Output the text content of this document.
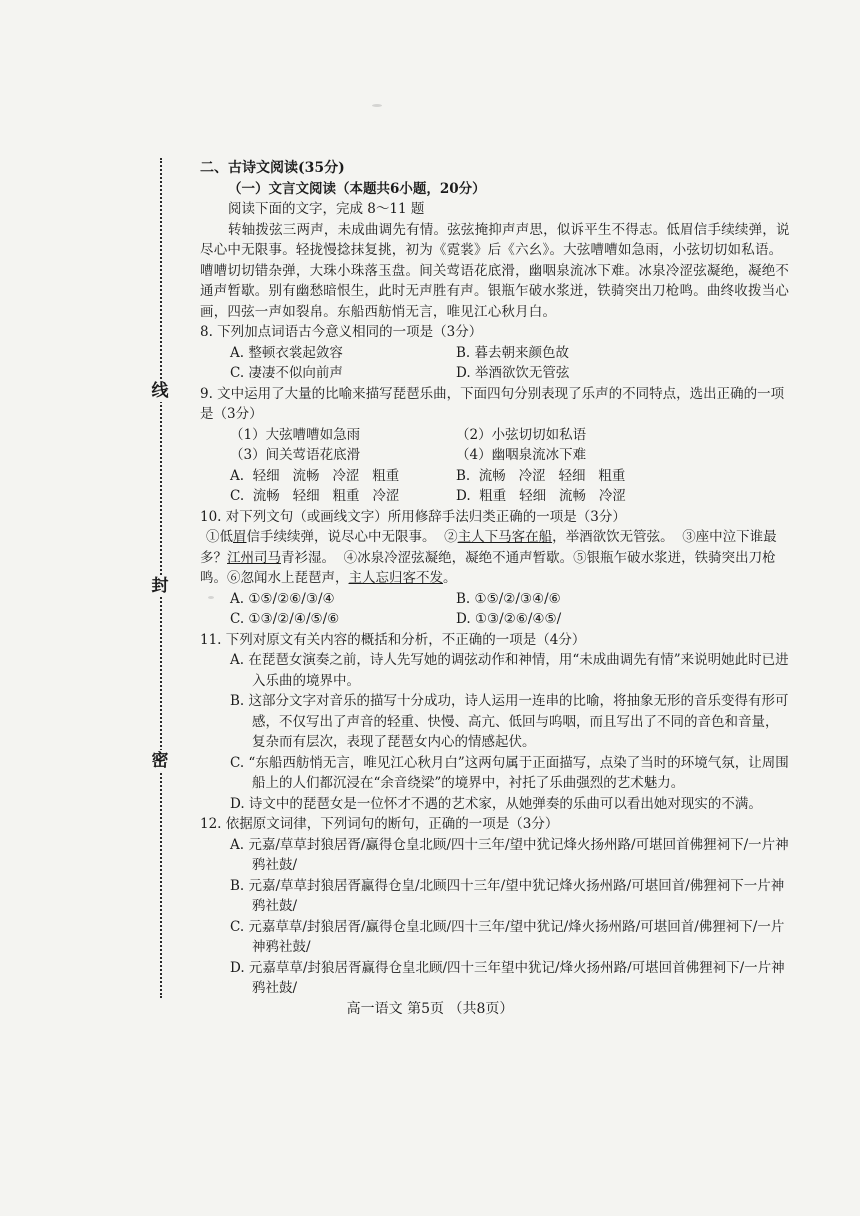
线
封
密

二、古诗文阅读(35分)

（一）文言文阅读（本题共6小题，20分）

阅读下面的文字，完成 8～11 题

转轴拨弦三两声，未成曲调先有情。弦弦掩抑声声思，似诉平生不得志。低眉信手续续弹，说尽心中无限事。轻拢慢捻抹复挑，初为《霓裳》后《六幺》。大弦嘈嘈如急雨，小弦切切如私语。嘈嘈切切错杂弹，大珠小珠落玉盘。间关莺语花底滑，幽咽泉流冰下难。冰泉冷涩弦凝绝，凝绝不通声暂歇。别有幽愁暗恨生，此时无声胜有声。银瓶乍破水浆迸，铁骑突出刀枪鸣。曲终收拨当心画，四弦一声如裂帛。东船西舫悄无言，唯见江心秋月白。

8. 下列加点词语古今意义相同的一项是（3分）

A. 整顿衣裳起敛容	B. 暮去朝来颜色故
C. 凄凄不似向前声	D. 举酒欲饮无管弦

9. 文中运用了大量的比喻来描写琵琶乐曲，下面四句分别表现了乐声的不同特点，选出正确的一项是（3分）

（1）大弦嘈嘈如急雨	（2）小弦切切如私语
（3）间关莺语花底滑	（4）幽咽泉流冰下难
A.  轻细   流畅   冷涩   粗重	B.  流畅   冷涩   轻细   粗重
C.  流畅   轻细   粗重   冷涩	D.  粗重   轻细   流畅   冷涩

10. 对下列文句（或画线文字）所用修辞手法归类正确的一项是（3分）

①低眉信手续续弹，说尽心中无限事。 ②主人下马客在船，举酒欲饮无管弦。 ③座中泣下谁最多？江州司马青衫湿。 ④冰泉冷涩弦凝绝，凝绝不通声暂歇。⑤银瓶乍破水浆迸，铁骑突出刀枪鸣。⑥忽闻水上琵琶声，主人忘归客不发。

A. ①⑤/②⑥/③/④	B. ①⑤/②/③④/⑥
C. ①③/②/④/⑤/⑥	D. ①③/②⑥/④⑤/

11. 下列对原文有关内容的概括和分析，不正确的一项是（4分）

A. 在琵琶女演奏之前，诗人先写她的调弦动作和神情，用“未成曲调先有情”来说明她此时已进入乐曲的境界中。

B. 这部分文字对音乐的描写十分成功，诗人运用一连串的比喻，将抽象无形的音乐变得有形可感，不仅写出了声音的轻重、快慢、高亢、低回与呜咽，而且写出了不同的音色和音量，复杂而有层次，表现了琵琶女内心的情感起伏。

C. “东船西舫悄无言，唯见江心秋月白”这两句属于正面描写，点染了当时的环境气氛，让周围船上的人们都沉浸在“余音绕梁”的境界中，衬托了乐曲强烈的艺术魅力。

D. 诗文中的琵琶女是一位怀才不遇的艺术家，从她弹奏的乐曲可以看出她对现实的不满。

12. 依据原文词律，下列词句的断句，正确的一项是（3分）

A. 元嘉/草草封狼居胥/赢得仓皇北顾/四十三年/望中犹记烽火扬州路/可堪回首佛狸祠下/一片神鸦社鼓/

B. 元嘉/草草封狼居胥赢得仓皇/北顾四十三年/望中犹记烽火扬州路/可堪回首/佛狸祠下一片神鸦社鼓/

C. 元嘉草草/封狼居胥/赢得仓皇北顾/四十三年/望中犹记/烽火扬州路/可堪回首/佛狸祠下/一片神鸦社鼓/

D. 元嘉草草/封狼居胥赢得仓皇北顾/四十三年望中犹记/烽火扬州路/可堪回首佛狸祠下/一片神鸦社鼓/

高一语文 第5页 （共8页）
